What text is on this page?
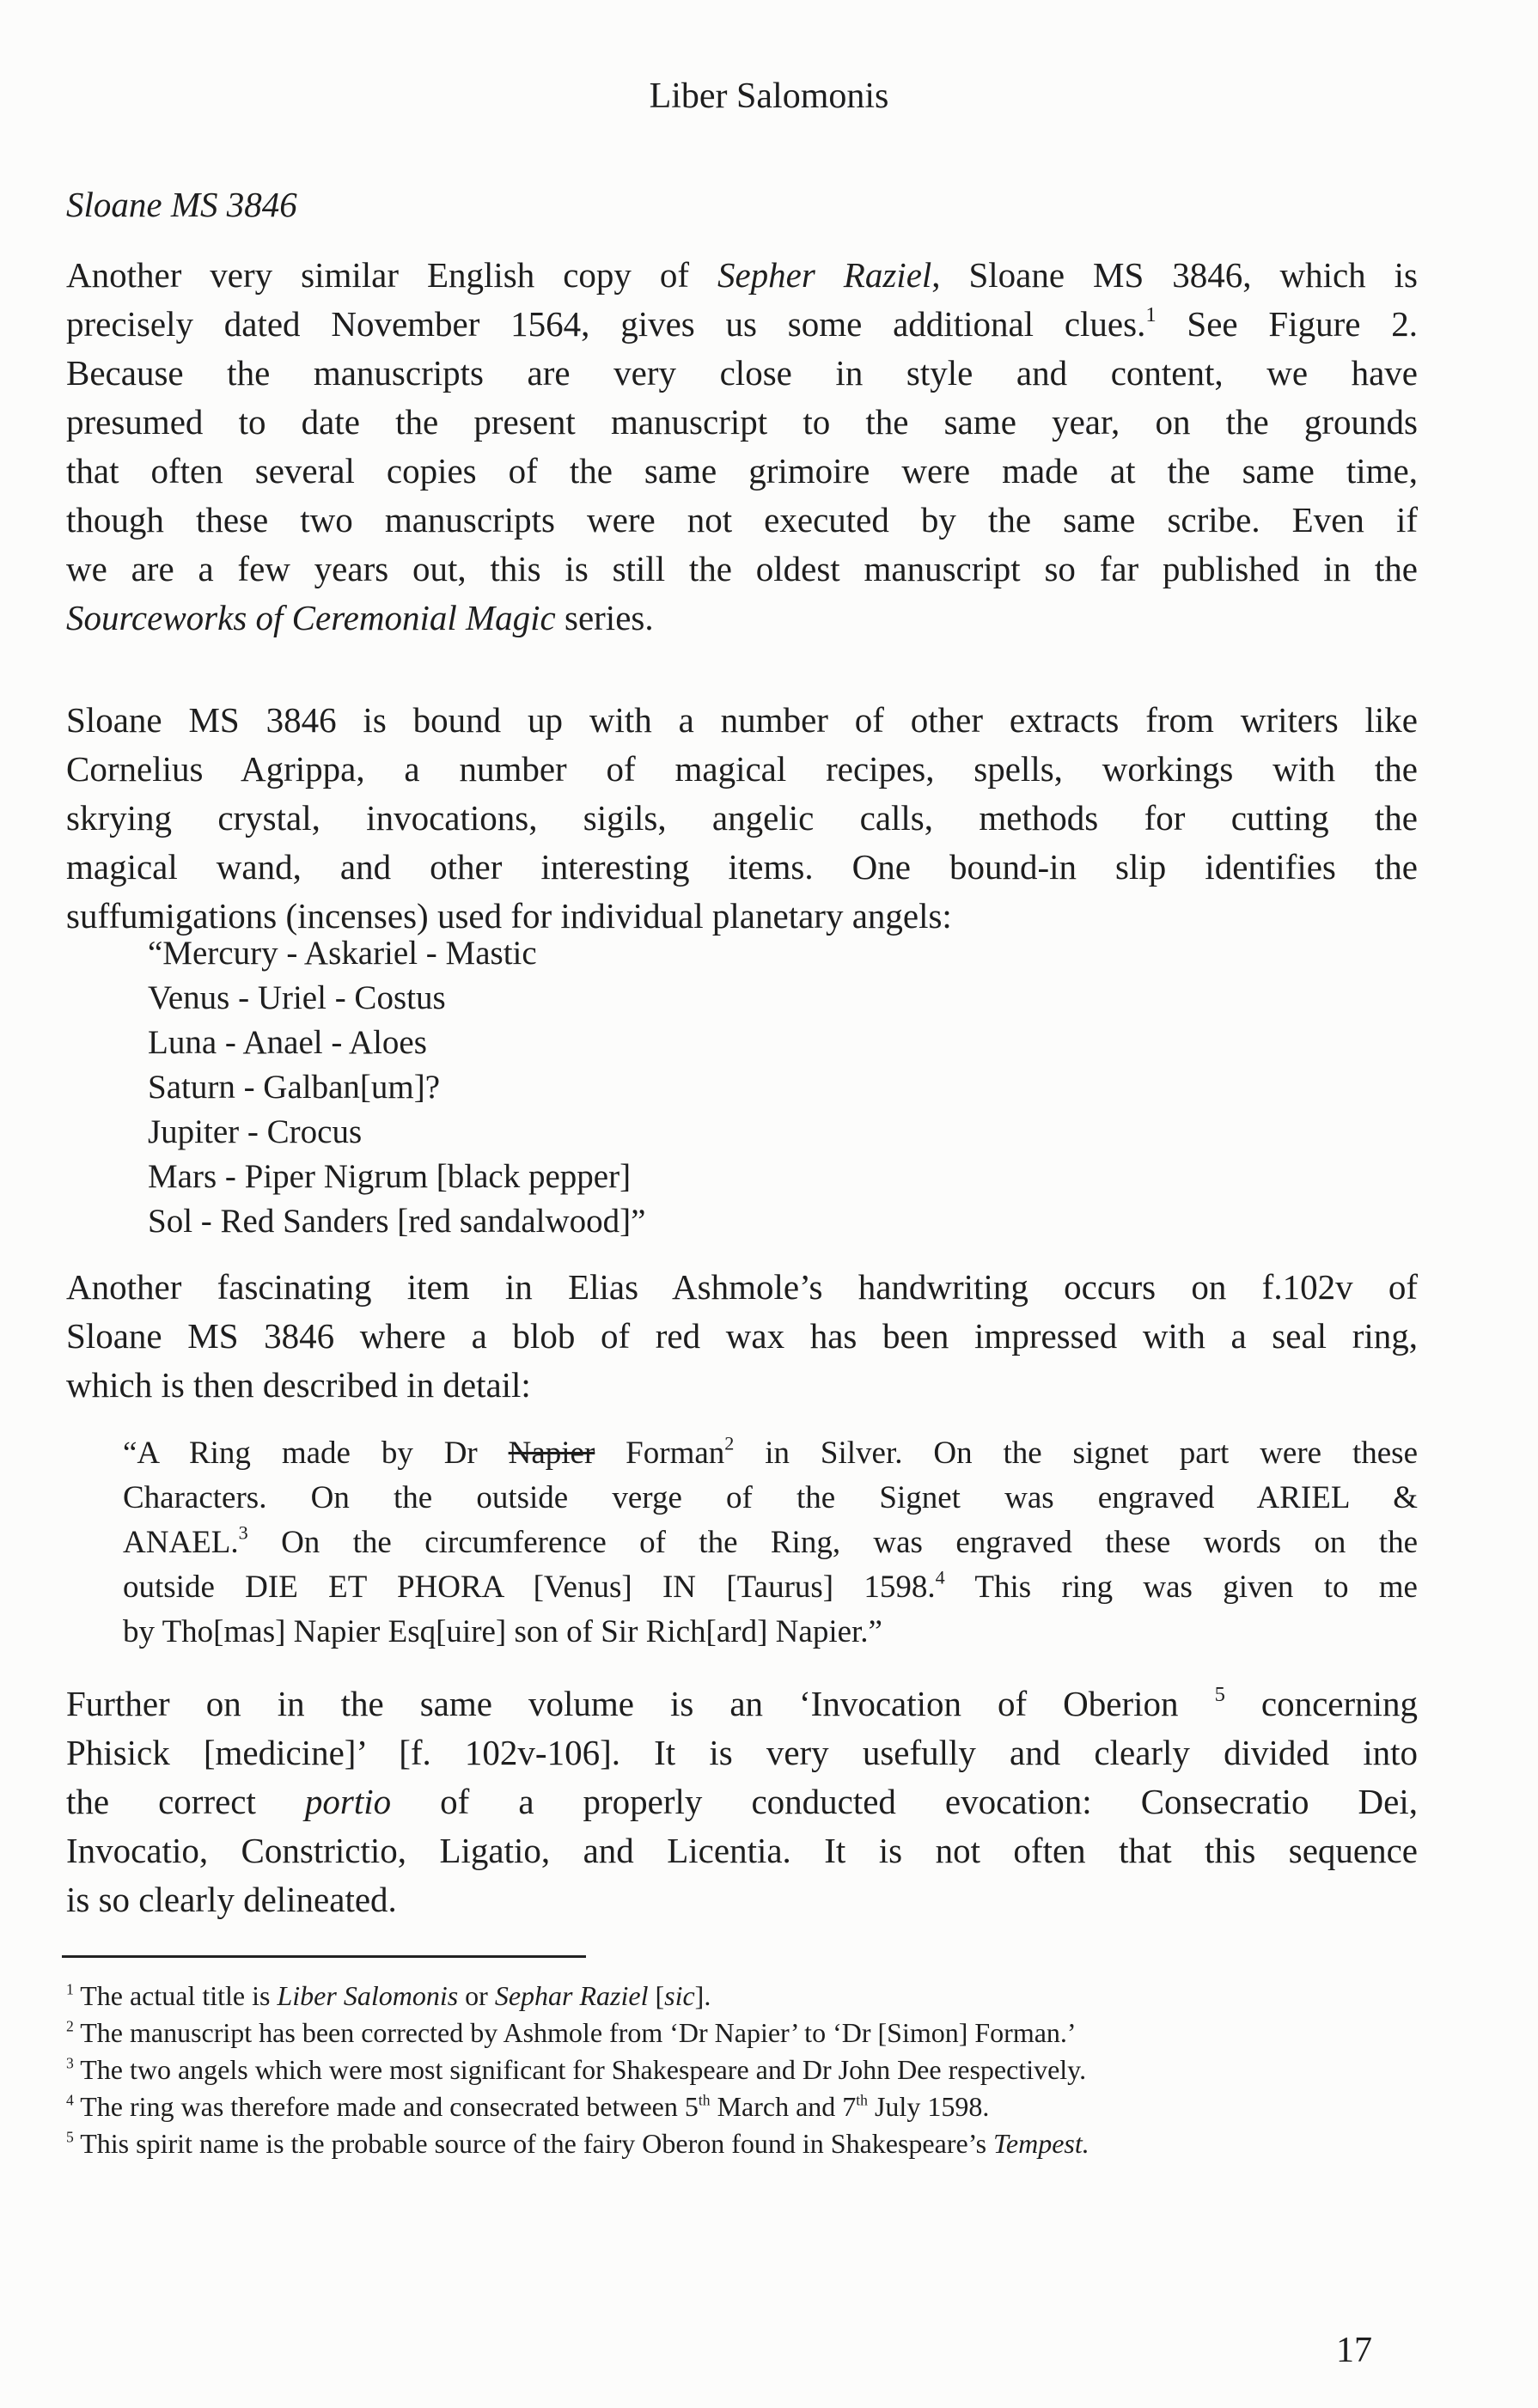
Liber Salomonis
Sloane MS 3846
Another very similar English copy of Sepher Raziel, Sloane MS 3846, which is
precisely dated November 1564, gives us some additional clues.$^1$ See Figure 2.
Because the manuscripts are very close in style and content, we have
presumed to date the present manuscript to the same year, on the grounds
that often several copies of the same grimoire were made at the same time,
though these two manuscripts were not executed by the same scribe. Even if
we are a few years out, this is still the oldest manuscript so far published in the
Sourceworks of Ceremonial Magic series.
Sloane MS 3846 is bound up with a number of other extracts from writers like
Cornelius Agrippa, a number of magical recipes, spells, workings with the
skrying crystal, invocations, sigils, angelic calls, methods for cutting the
magical wand, and other interesting items. One bound-in slip identifies the
suffumigations (incenses) used for individual planetary angels:
“Mercury - Askariel - Mastic
Venus - Uriel - Costus
Luna - Anael - Aloes
Saturn - Galban[um]?
Jupiter - Crocus
Mars - Piper Nigrum [black pepper]
Sol - Red Sanders [red sandalwood]”
Another fascinating item in Elias Ashmole’s handwriting occurs on f.102v of
Sloane MS 3846 where a blob of red wax has been impressed with a seal ring,
which is then described in detail:
“A Ring made by Dr Napier Forman$^2$ in Silver. On the signet part were these
Characters. On the outside verge of the Signet was engraved ARIEL &
ANAEL.$^3$ On the circumference of the Ring, was engraved these words on the
outside DIE ET PHORA [Venus] IN [Taurus] 1598.$^4$ This ring was given to me
by Tho[mas] Napier Esq[uire] son of Sir Rich[ard] Napier.”
Further on in the same volume is an ‘Invocation of Oberion $^5$ concerning
Phisick [medicine]’ [f. 102v-106]. It is very usefully and clearly divided into
the correct portio of a properly conducted evocation: Consecratio Dei,
Invocatio, Constrictio, Ligatio, and Licentia. It is not often that this sequence
is so clearly delineated.
$^1$ The actual title is Liber Salomonis or Sephar Raziel [sic].
$^2$ The manuscript has been corrected by Ashmole from ‘Dr Napier’ to ‘Dr [Simon] Forman.’
$^3$ The two angels which were most significant for Shakespeare and Dr John Dee respectively.
$^4$ The ring was therefore made and consecrated between 5th March and 7th July 1598.
$^5$ This spirit name is the probable source of the fairy Oberon found in Shakespeare’s Tempest.
17
